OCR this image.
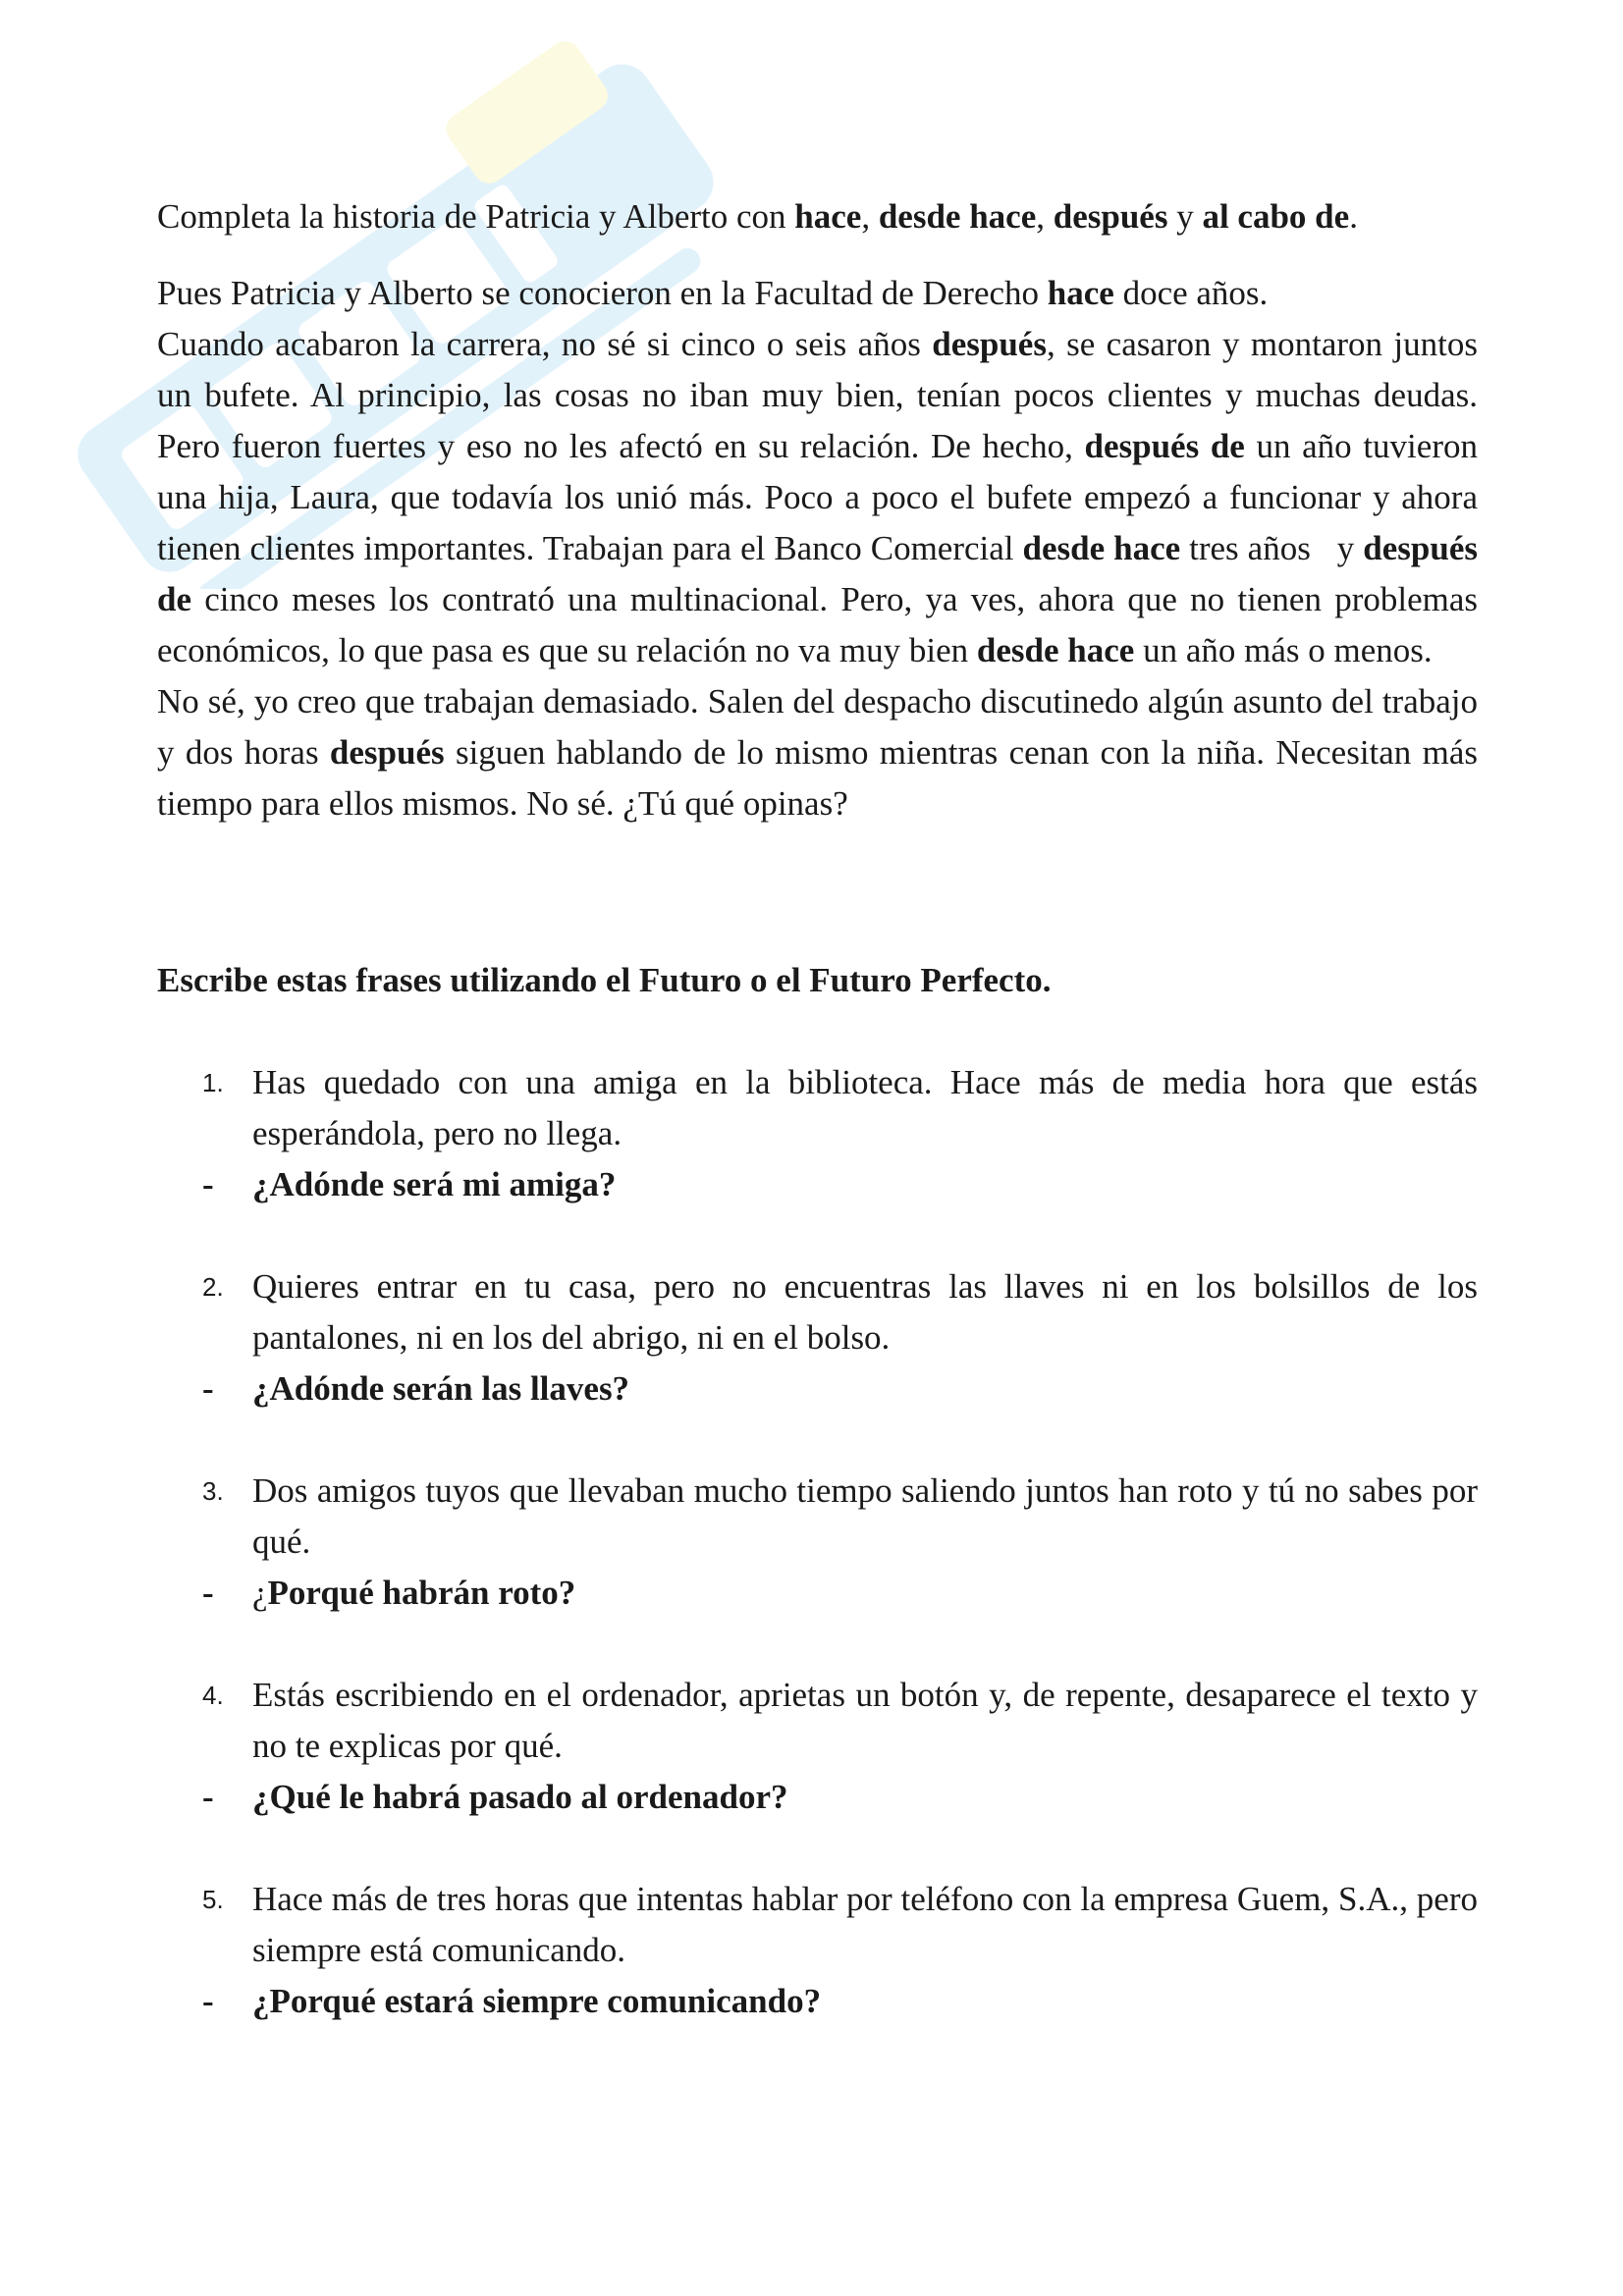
Completa la historia de Patricia y Alberto con hace, desde hace, después y al cabo de.

Pues Patricia y Alberto se conocieron en la Facultad de Derecho hace doce años.

Cuando acabaron la carrera, no sé si cinco o seis años después, se casaron y montaron juntos un bufete. Al principio, las cosas no iban muy bien, tenían pocos clientes y muchas deudas. Pero fueron fuertes y eso no les afectó en su relación. De hecho, después de un año tuvieron una hija, Laura, que todavía los unió más. Poco a poco el bufete empezó a funcionar y ahora tienen clientes importantes. Trabajan para el Banco Comercial desde hace tres años   y después de cinco meses los contrató una multinacional. Pero, ya ves, ahora que no tienen problemas económicos, lo que pasa es que su relación no va muy bien desde hace un año más o menos.

No sé, yo creo que trabajan demasiado. Salen del despacho discutinedo algún asunto del trabajo y dos horas después siguen hablando de lo mismo mientras cenan con la niña. Necesitan más tiempo para ellos mismos. No sé. ¿Tú qué opinas?

Escribe estas frases utilizando el Futuro o el Futuro Perfecto.

1. Has quedado con una amiga en la biblioteca. Hace más de media hora que estás esperándola, pero no llega.
- ¿Adónde será mi amiga?
2. Quieres entrar en tu casa, pero no encuentras las llaves ni en los bolsillos de los pantalones, ni en los del abrigo, ni en el bolso.
- ¿Adónde serán las llaves?
3. Dos amigos tuyos que llevaban mucho tiempo saliendo juntos han roto y tú no sabes por qué.
- ¿Porqué habrán roto?
4. Estás escribiendo en el ordenador, aprietas un botón y, de repente, desaparece el texto y no te explicas por qué.
- ¿Qué le habrá pasado al ordenador?
5. Hace más de tres horas que intentas hablar por teléfono con la empresa Guem, S.A., pero siempre está comunicando.
- ¿Porqué estará siempre comunicando?
